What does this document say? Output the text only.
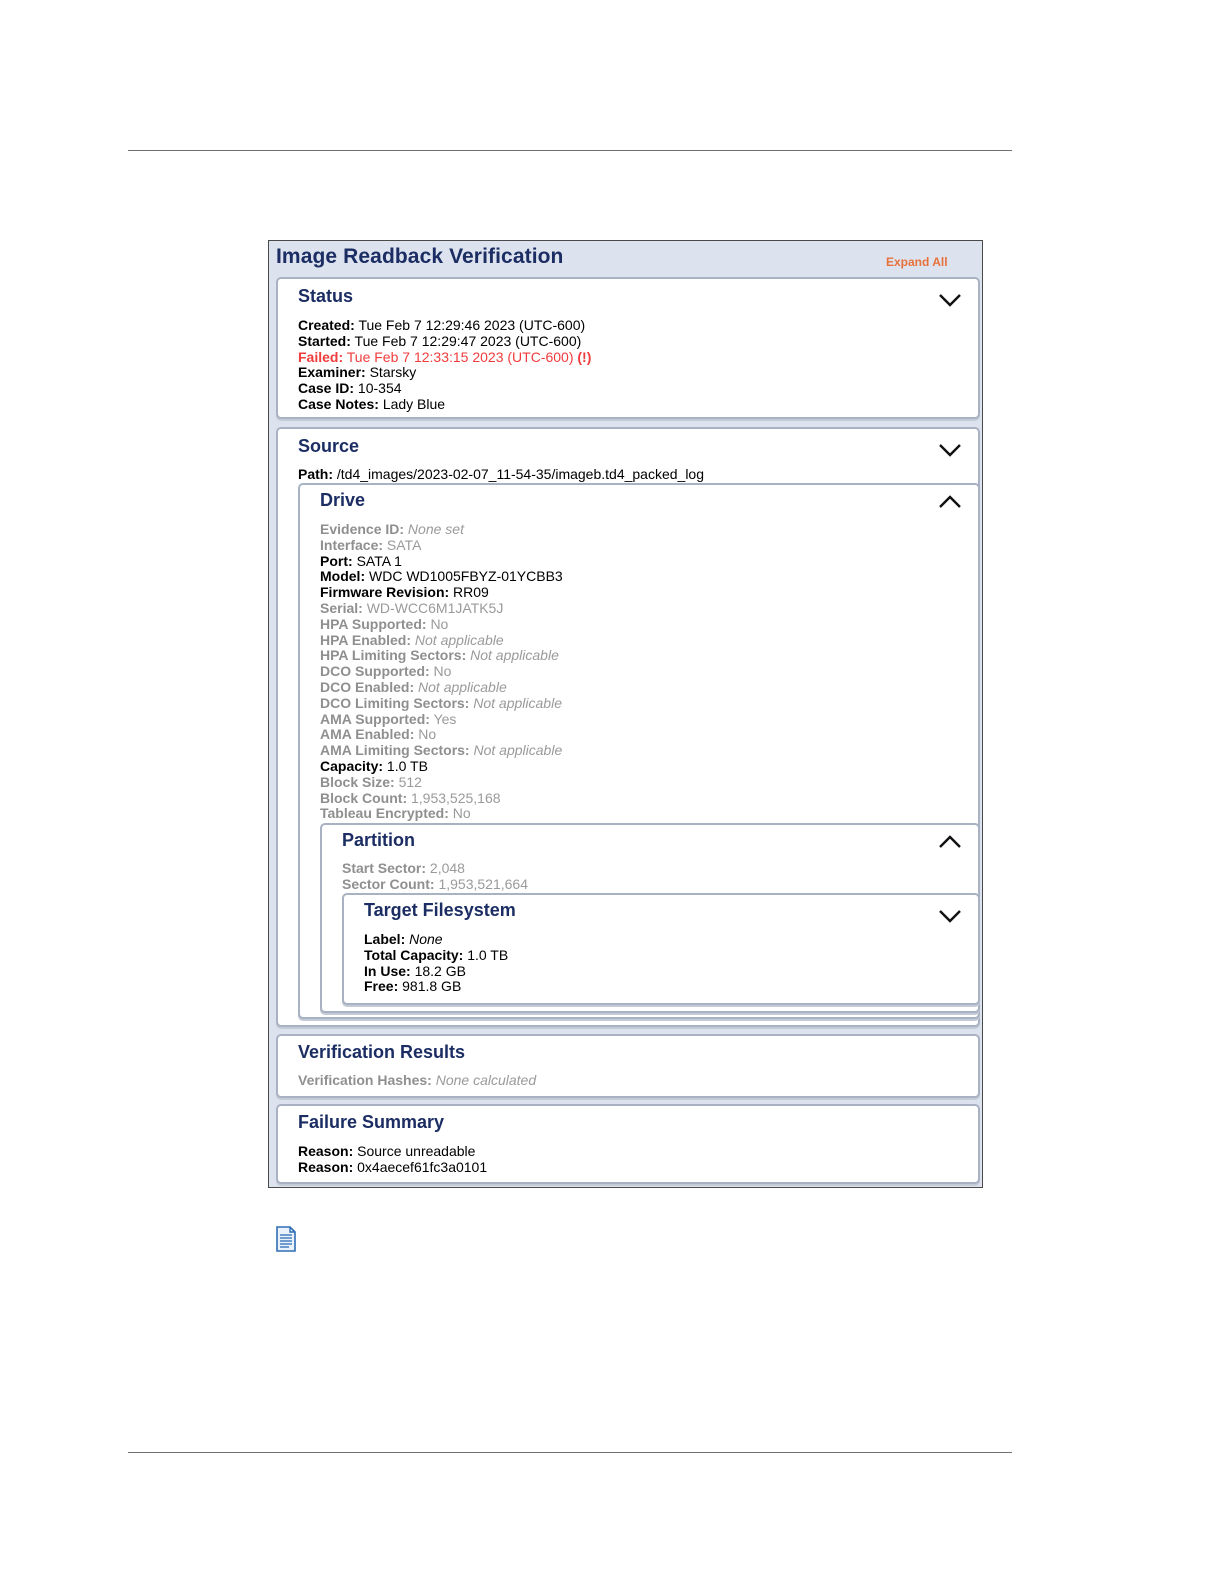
Image Readback Verification	Expand All
Status
Created: Tue Feb 7 12:29:46 2023 (UTC-600)
Started: Tue Feb 7 12:29:47 2023 (UTC-600)
Failed: Tue Feb 7 12:33:15 2023 (UTC-600) (!)
Examiner: Starsky
Case ID: 10-354
Case Notes: Lady Blue
Source
Path: /td4_images/2023-02-07_11-54-35/imageb.td4_packed_log
Drive
Evidence ID: None set
Interface: SATA
Port: SATA 1
Model: WDC WD1005FBYZ-01YCBB3
Firmware Revision: RR09
Serial: WD-WCC6M1JATK5J
HPA Supported: No
HPA Enabled: Not applicable
HPA Limiting Sectors: Not applicable
DCO Supported: No
DCO Enabled: Not applicable
DCO Limiting Sectors: Not applicable
AMA Supported: Yes
AMA Enabled: No
AMA Limiting Sectors: Not applicable
Capacity: 1.0 TB
Block Size: 512
Block Count: 1,953,525,168
Tableau Encrypted: No
Partition
Start Sector: 2,048
Sector Count: 1,953,521,664
Target Filesystem
Label: None
Total Capacity: 1.0 TB
In Use: 18.2 GB
Free: 981.8 GB
Verification Results
Verification Hashes: None calculated
Failure Summary
Reason: Source unreadable
Reason: 0x4aecef61fc3a0101
